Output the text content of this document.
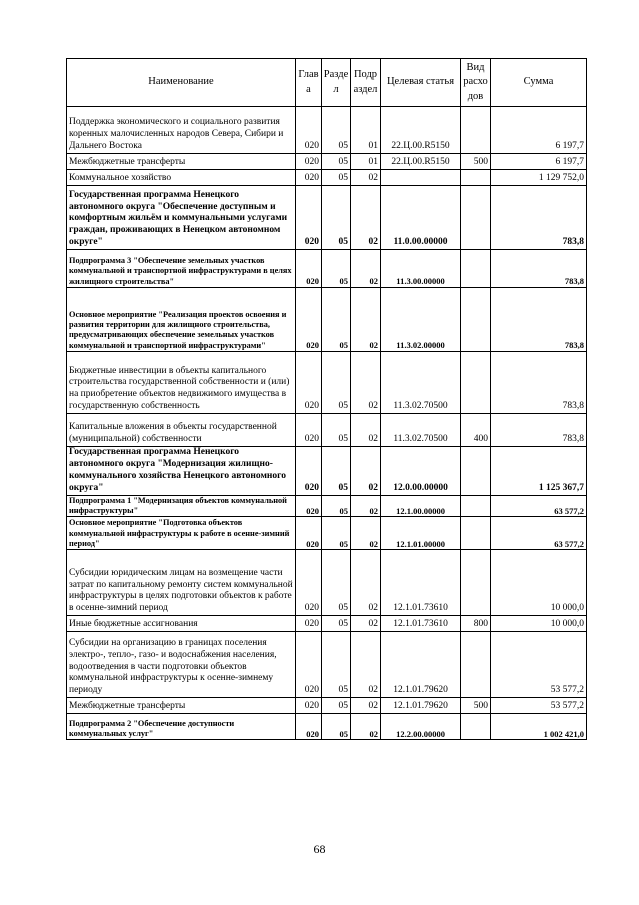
Наименование	Глав а	Разде л	Подр аздел	Целевая статья	Вид расхо дов	Сумма
Поддержка экономического и социального развития коренных малочисленных народов Севера, Сибири и Дальнего Востока	020	05	01	22.Ц.00.R5150		6 197,7
Межбюджетные трансферты	020	05	01	22.Ц.00.R5150	500	6 197,7
Коммунальное хозяйство	020	05	02			1 129 752,0
Государственная программа Ненецкого автономного округа "Обеспечение доступным и комфортным жильём и коммунальными услугами граждан, проживающих в Ненецком автономном округе"	020	05	02	11.0.00.00000		783,8
Подпрограмма 3 "Обеспечение земельных участков коммунальной и транспортной инфраструктурами в целях жилищного строительства"	020	05	02	11.3.00.00000		783,8
Основное мероприятие "Реализация проектов освоения и развития территории для жилищного строительства, предусматривающих обеспечение земельных участков коммунальной и транспортной инфраструктурами"	020	05	02	11.3.02.00000		783,8
Бюджетные инвестиции в объекты капитального строительства государственной собственности и (или) на приобретение объектов недвижимого имущества в государственную собственность	020	05	02	11.3.02.70500		783,8
Капитальные вложения в объекты государственной (муниципальной) собственности	020	05	02	11.3.02.70500	400	783,8
Государственная программа Ненецкого автономного округа "Модернизация жилищно-коммунального хозяйства Ненецкого автономного округа"	020	05	02	12.0.00.00000		1 125 367,7
Подпрограмма 1 "Модернизация объектов коммунальной инфраструктуры"	020	05	02	12.1.00.00000		63 577,2
Основное мероприятие "Подготовка объектов коммунальной инфраструктуры к работе в осенне-зимний период"	020	05	02	12.1.01.00000		63 577,2
Субсидии юридическим лицам на возмещение части затрат по капитальному ремонту систем коммунальной инфраструктуры в целях подготовки объектов к работе в осенне-зимний период	020	05	02	12.1.01.73610		10 000,0
Иные бюджетные ассигнования	020	05	02	12.1.01.73610	800	10 000,0
Субсидии на организацию в границах поселения электро-, тепло-, газо- и водоснабжения населения, водоотведения в части подготовки объектов коммунальной инфраструктуры к осенне-зимнему периоду	020	05	02	12.1.01.79620		53 577,2
Межбюджетные трансферты	020	05	02	12.1.01.79620	500	53 577,2
Подпрограмма 2 "Обеспечение доступности коммунальных услуг"	020	05	02	12.2.00.00000		1 002 421,0
68
